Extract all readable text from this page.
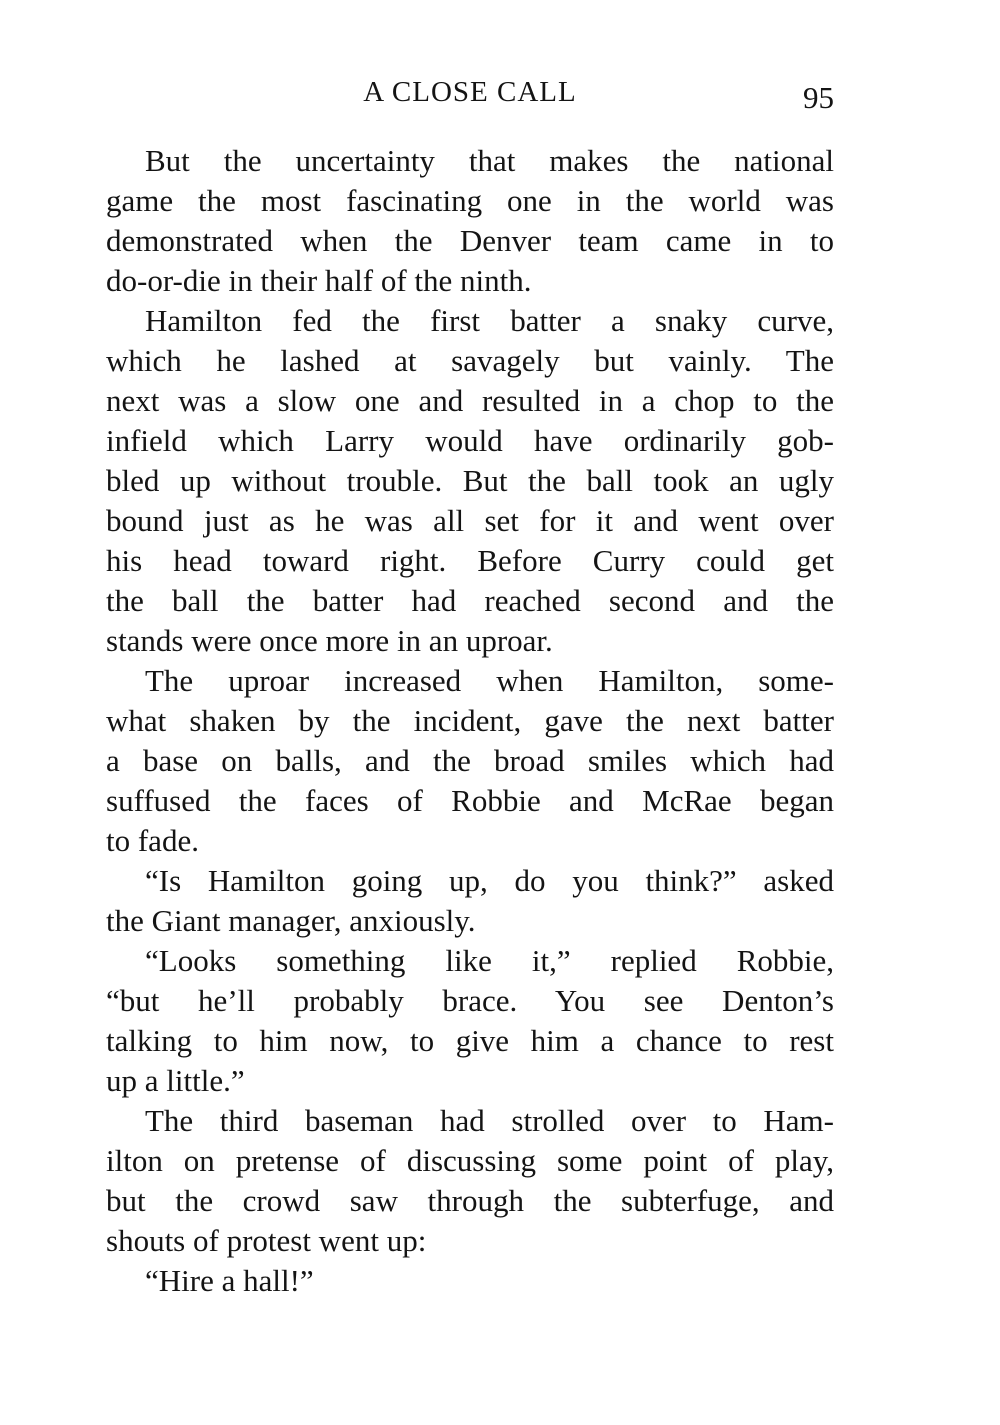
A CLOSE CALL	95
But the uncertainty that makes the national
game the most fascinating one in the world was
demonstrated when the Denver team came in to
do-or-die in their half of the ninth.
Hamilton fed the first batter a snaky curve,
which he lashed at savagely but vainly. The
next was a slow one and resulted in a chop to the
infield which Larry would have ordinarily gob-
bled up without trouble. But the ball took an ugly
bound just as he was all set for it and went over
his head toward right. Before Curry could get
the ball the batter had reached second and the
stands were once more in an uproar.
The uproar increased when Hamilton, some-
what shaken by the incident, gave the next batter
a base on balls, and the broad smiles which had
suffused the faces of Robbie and McRae began
to fade.
“Is Hamilton going up, do you think?” asked
the Giant manager, anxiously.
“Looks something like it,” replied Robbie,
“but he’ll probably brace. You see Denton’s
talking to him now, to give him a chance to rest
up a little.”
The third baseman had strolled over to Ham-
ilton on pretense of discussing some point of play,
but the crowd saw through the subterfuge, and
shouts of protest went up:
“Hire a hall!”
